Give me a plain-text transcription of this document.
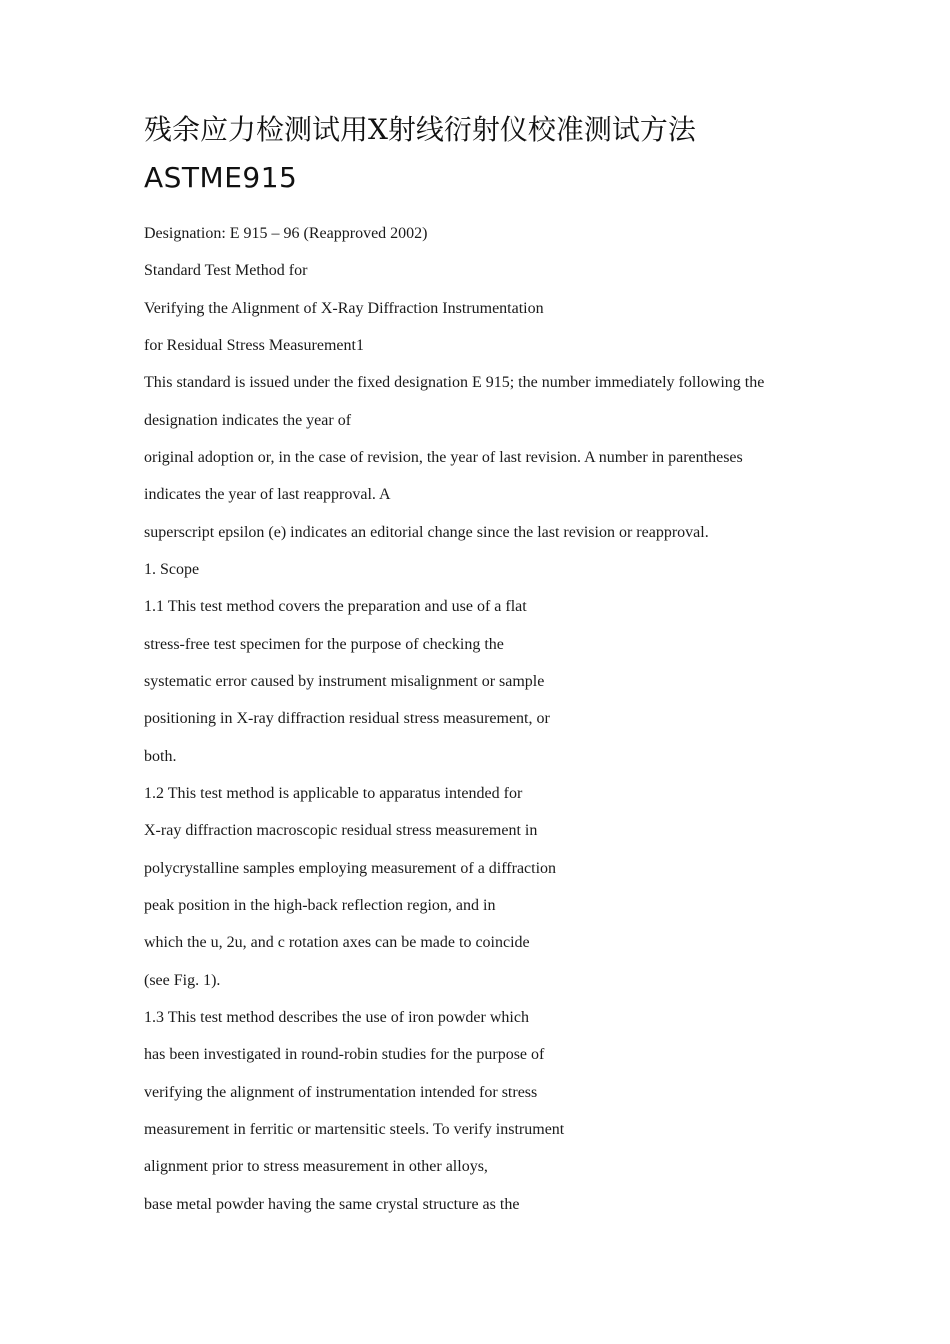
残余应力检测试用X射线衍射仪校准测试方法
ASTME915
Designation: E 915 – 96 (Reapproved 2002)
Standard Test Method for
Verifying the Alignment of X-Ray Diffraction Instrumentation
for Residual Stress Measurement1
This standard is issued under the fixed designation E 915; the number immediately following the
designation indicates the year of
original adoption or, in the case of revision, the year of last revision. A number in parentheses
indicates the year of last reapproval. A
superscript epsilon (e) indicates an editorial change since the last revision or reapproval.
1. Scope
1.1 This test method covers the preparation and use of a flat
stress-free test specimen for the purpose of checking the
systematic error caused by instrument misalignment or sample
positioning in X-ray diffraction residual stress measurement, or
both.
1.2 This test method is applicable to apparatus intended for
X-ray diffraction macroscopic residual stress measurement in
polycrystalline samples employing measurement of a diffraction
peak position in the high-back reflection region, and in
which the u, 2u, and c rotation axes can be made to coincide
(see Fig. 1).
1.3 This test method describes the use of iron powder which
has been investigated in round-robin studies for the purpose of
verifying the alignment of instrumentation intended for stress
measurement in ferritic or martensitic steels. To verify instrument
alignment prior to stress measurement in other alloys,
base metal powder having the same crystal structure as the
